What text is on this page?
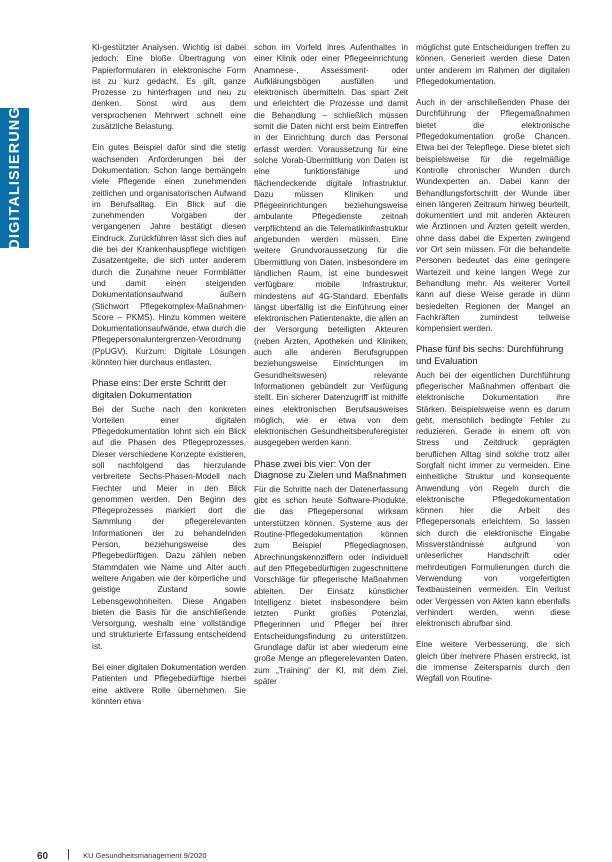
DIGITALISIERUNG

KI-gestützter Analysen. Wichtig ist dabei jedoch: Eine bloße Übertragung von Papierformularen in elektronische Form ist zu kurz gedacht. Es gilt, ganze Prozesse zu hinterfragen und neu zu denken. Sonst wird aus dem versprochenen Mehrwert schnell eine zusätzliche Belastung.

Ein gutes Beispiel dafür sind die stetig wachsenden Anforderungen bei der Dokumentation. Schon lange bemängeln viele Pflegende einen zunehmenden zeitlichen und organisatorischen Aufwand im Berufsalltag. Ein Blick auf die zunehmenden Vorgaben der vergangenen Jahre bestätigt diesen Eindruck. Zurückführen lässt sich dies auf die bei der Krankenhauspflege wichtigen Zusatzentgelte, die sich unter anderem durch die Zunahme neuer Formblätter und damit einen steigenden Dokumentationsaufwand äußern (Stichwort Pflegekomplex-Maßnahmen-Score – PKMS). Hinzu kommen weitere Dokumentationsaufwände, etwa durch die Pflegepersonaluntergrenzen-Verordnung (PpUGV). Kurzum: Digitale Lösungen könnten hier durchaus entlasten.

Phase eins: Der erste Schritt der digitalen Dokumentation

Bei der Suche nach den konkreten Vorteilen einer digitalen Pflegedokumentation lohnt sich ein Blick auf die Phasen des Pflegeprozesses. Dieser verschiedene Konzepte existieren, soll nachfolgend das hierzulande verbreitete Sechs-Phasen-Modell nach Fiechter und Meier in den Blick genommen werden. Den Beginn des Pflegeprozesses markiert dort die Sammlung der pflegerelevanten Informationen der zu behandelnden Person, beziehungsweise des Pflegebedürftigen. Dazu zählen neben Stammdaten wie Name und Alter auch weitere Angaben wie der körperliche und geistige Zustand sowie Lebensgewohnheiten. Diese Angaben bieten die Basis für die anschließende Versorgung, weshalb eine vollständige und strukturierte Erfassung entscheidend ist.

Bei einer digitalen Dokumentation werden Patienten und Pflegebedürftige hierbei eine aktivere Rolle übernehmen. Sie könnten etwa

schon im Vorfeld ihres Aufenthaltes in einer Klinik oder einer Pflegeeinrichtung Anamnese-, Assessment- oder Aufklärungsbögen ausfüllen und elektronisch übermitteln. Das spart Zeit und erleichtert die Prozesse und damit die Behandlung – schließlich müssen somit die Daten nicht erst beim Eintreffen in der Einrichtung durch das Personal erfasst werden. Voraussetzung für eine solche Vorab-Übermittlung von Daten ist eine funktionsfähige und flächendeckende digitale Infrastruktur. Dazu müssen Kliniken und Pflegeeinrichtungen beziehungsweise ambulante Pflegedienste zeitnah verpflichtend an die Telematikinfrastruktur angebunden werden müssen. Eine weitere Grundvoraussetzung für die Übermittlung von Daten, insbesondere im ländlichen Raum, ist eine bundesweit verfügbare mobile Infrastruktur, mindestens auf 4G-Standard. Ebenfalls längst überfällig ist die Einführung einer elektronischen Patientenakte, die allen an der Versorgung beteiligten Akteuren (neben Ärzten, Apotheken und Kliniken, auch alle anderen Berufsgruppen beziehungsweise Einrichtungen im Gesundheitswesen) relevante Informationen gebündelt zur Verfügung stellt. Ein sicherer Datenzugriff ist mithilfe eines elektronischen Berufsausweises möglich, wie er etwa von dem elektronischen Gesundheitsberuferegister ausgegeben werden kann.

Phase zwei bis vier: Von der Diagnose zu Zielen und Maßnahmen

Für die Schritte nach der Datenerfassung gibt es schon heute Software-Produkte, die das Pflegepersonal wirksam unterstützen können. Systeme aus der Routine-Pflegedokumentation können zum Beispiel Pflegediagnosen, Abrechnungskennziffern oder individuell auf den Pflegebedürftigen zugeschnittene Vorschläge für pflegerische Maßnahmen ableiten. Der Einsatz künstlicher Intelligenz bietet insbesondere beim letzten Punkt großes Potenzial, Pflegerinnen und Pfleger bei ihrer Entscheidungsfindung zu unterstützen. Grundlage dafür ist aber wiederum eine große Menge an pflegerelevanten Daten, zum „Training“ der KI, mit dem Ziel, später

möglichst gute Entscheidungen treffen zu können. Generiert werden diese Daten unter anderem im Rahmen der digitalen Pflegedokumentation.

Auch in der anschließenden Phase der Durchführung der Pflegemaßnahmen bietet die elektronische Pflegedokumentation große Chancen. Etwa bei der Telepflege. Diese bietet sich beispielsweise für die regelmäßige Kontrolle chronischer Wunden durch Wundexperten an. Dabei kann der Behandlungsfortschritt der Wunde über einen längeren Zeitraum hinweg beurteilt, dokumentiert und mit anderen Akteuren wie Ärztinnen und Ärzten geteilt werden, ohne dass dabei die Experten zwingend vor Ort sein müssen. Für die behandelte Personen bedeutet das eine geringere Wartezeit und keine langen Wege zur Behandlung mehr. Als weiterer Vorteil kann auf diese Weise gerade in dünn besiedelten Regionen der Mangel an Fachkräften zumindest teilweise kompensiert werden.

Phase fünf bis sechs: Durchführung und Evaluation

Auch bei der eigentlichen Durchführung pflegerischer Maßnahmen offenbart die elektronische Dokumentation ihre Stärken. Beispielsweise wenn es darum geht, menschlich bedingte Fehler zu reduzieren. Gerade in einem oft von Stress und Zeitdruck geprägten beruflichen Alltag sind solche trotz aller Sorgfalt nicht immer zu vermeiden. Eine einheitliche Struktur und konsequente Anwendung von Regeln durch die elektronische Pflegedokumentation können hier die Arbeit des Pflegepersonals erleichtern. So lassen sich durch die elektronische Eingabe Missverständnisse aufgrund von unleserlicher Handschrift oder mehrdeutigen Formulierungen durch die Verwendung von vorgefertigten Textbausteinen vermeiden. Ein Verlust oder Vergessen von Akten kann ebenfalls verhindert werden, wenn diese elektronisch abrufbar sind.

Eine weitere Verbesserung, die sich gleich über mehrere Phasen erstreckt, ist die immense Zeitersparnis durch den Wegfall von Routine-

60	KU Gesundheitsmanagement 9/2020
